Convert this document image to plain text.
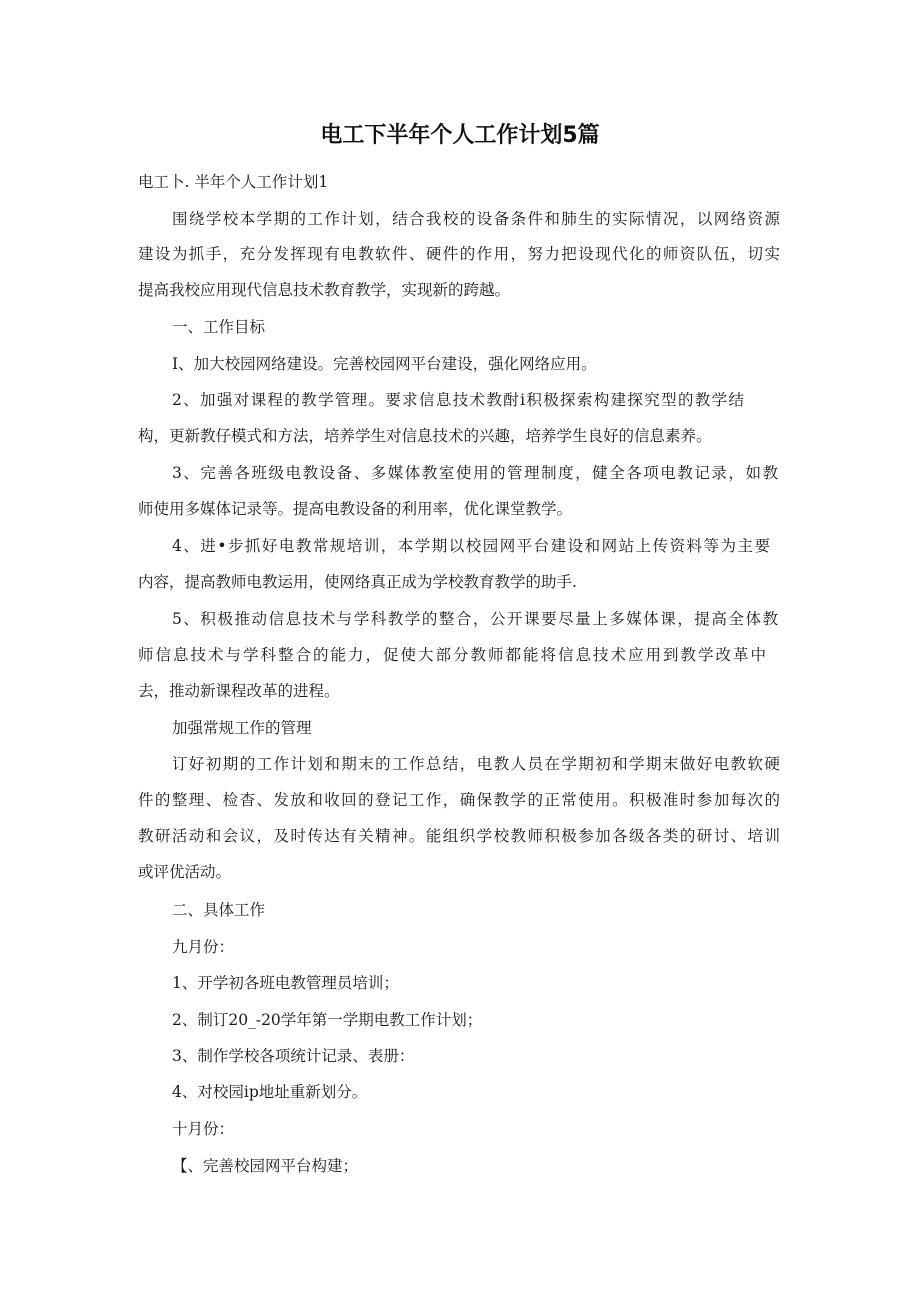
电工下半年个人工作计划5篇
电工卜. 半年个人工作计划1
围绕学校本学期的工作计划，结合我校的设备条件和肺生的实际情况，以网络资源
建设为抓手，充分发挥现有电教软件、硬件的作用，努力把设现代化的师资队伍，切实
提高我校应用现代信息技术教育教学，实现新的跨越。
一、工作目标
I、加大校园网络建设。完善校园网平台建设，强化网络应用。
2、加强对课程的教学管理。要求信息技术教酎i积极探索构建探究型的教学结
构，更新教仔模式和方法，培养学生对信息技术的兴趣，培养学生良好的信息素养。
3、完善各班级电教设备、多媒体教室使用的管理制度，健全各项电教记录，如教
师使用多媒体记录等。提高电教设备的利用率，优化课堂教学。
4、进•步抓好电教常规培训，本学期以校园网平台建设和网站上传资料等为主要
内容，提高教师电教运用，使网络真正成为学校教育教学的助手.
5、积极推动信息技术与学科教学的整合，公开课要尽量上多媒体课，提高全体教
师信息技术与学科整合的能力，促使大部分教师都能将信息技术应用到教学改革中
去，推动新课程改革的进程。
加强常规工作的管理
订好初期的工作计划和期末的工作总结，电教人员在学期初和学期末做好电教软硬
件的整理、检杳、发放和收回的登记工作，确保教学的正常使用。积极准时参加每次的
教研活动和会议，及时传达有关精神。能组织学校教师积极参加各级各类的研讨、培训
或评优活动。
二、具体工作
九月份：
1、开学初各班电教管理员培训；
2、制订20_-20学年第一学期电教工作计划；
3、制作学校各项统计记录、表册：
4、对校园ip地址重新划分。
十月份：
【、完善校园网平台构建；
